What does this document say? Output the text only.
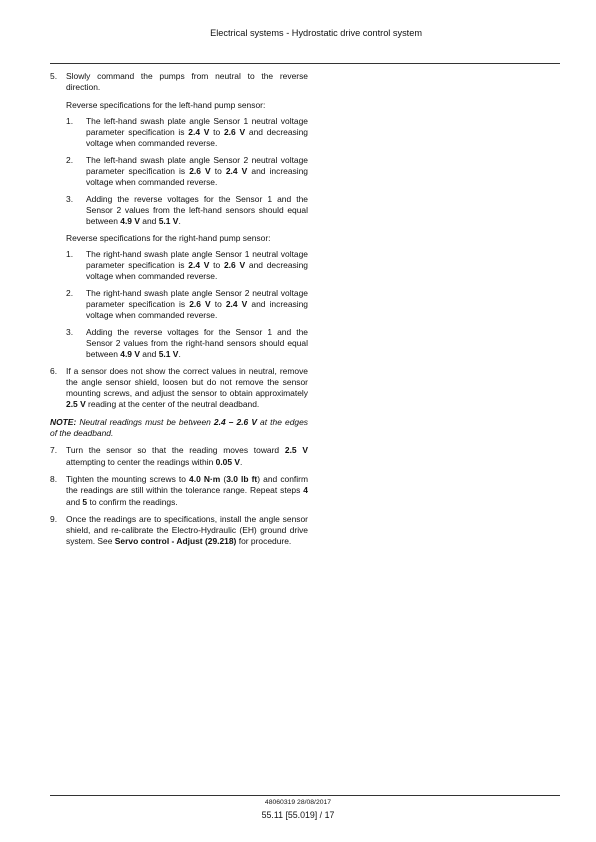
Electrical systems - Hydrostatic drive control system
5. Slowly command the pumps from neutral to the reverse direction.
Reverse specifications for the left-hand pump sensor:
1. The left-hand swash plate angle Sensor 1 neutral voltage parameter specification is 2.4 V to 2.6 V and decreasing voltage when commanded reverse.
2. The left-hand swash plate angle Sensor 2 neutral voltage parameter specification is 2.6 V to 2.4 V and increasing voltage when commanded reverse.
3. Adding the reverse voltages for the Sensor 1 and the Sensor 2 values from the left-hand sensors should equal between 4.9 V and 5.1 V.
Reverse specifications for the right-hand pump sensor:
1. The right-hand swash plate angle Sensor 1 neutral voltage parameter specification is 2.4 V to 2.6 V and decreasing voltage when commanded reverse.
2. The right-hand swash plate angle Sensor 2 neutral voltage parameter specification is 2.6 V to 2.4 V and increasing voltage when commanded reverse.
3. Adding the reverse voltages for the Sensor 1 and the Sensor 2 values from the right-hand sensors should equal between 4.9 V and 5.1 V.
6. If a sensor does not show the correct values in neutral, remove the angle sensor shield, loosen but do not remove the sensor mounting screws, and adjust the sensor to obtain approximately 2.5 V reading at the center of the neutral deadband.
NOTE: Neutral readings must be between 2.4 – 2.6 V at the edges of the deadband.
7. Turn the sensor so that the reading moves toward 2.5 V attempting to center the readings within 0.05 V.
8. Tighten the mounting screws to 4.0 N·m (3.0 lb ft) and confirm the readings are still within the tolerance range. Repeat steps 4 and 5 to confirm the readings.
9. Once the readings are to specifications, install the angle sensor shield, and re-calibrate the Electro-Hydraulic (EH) ground drive system. See Servo control - Adjust (29.218) for procedure.
48060319 28/08/2017
55.11 [55.019] / 17
